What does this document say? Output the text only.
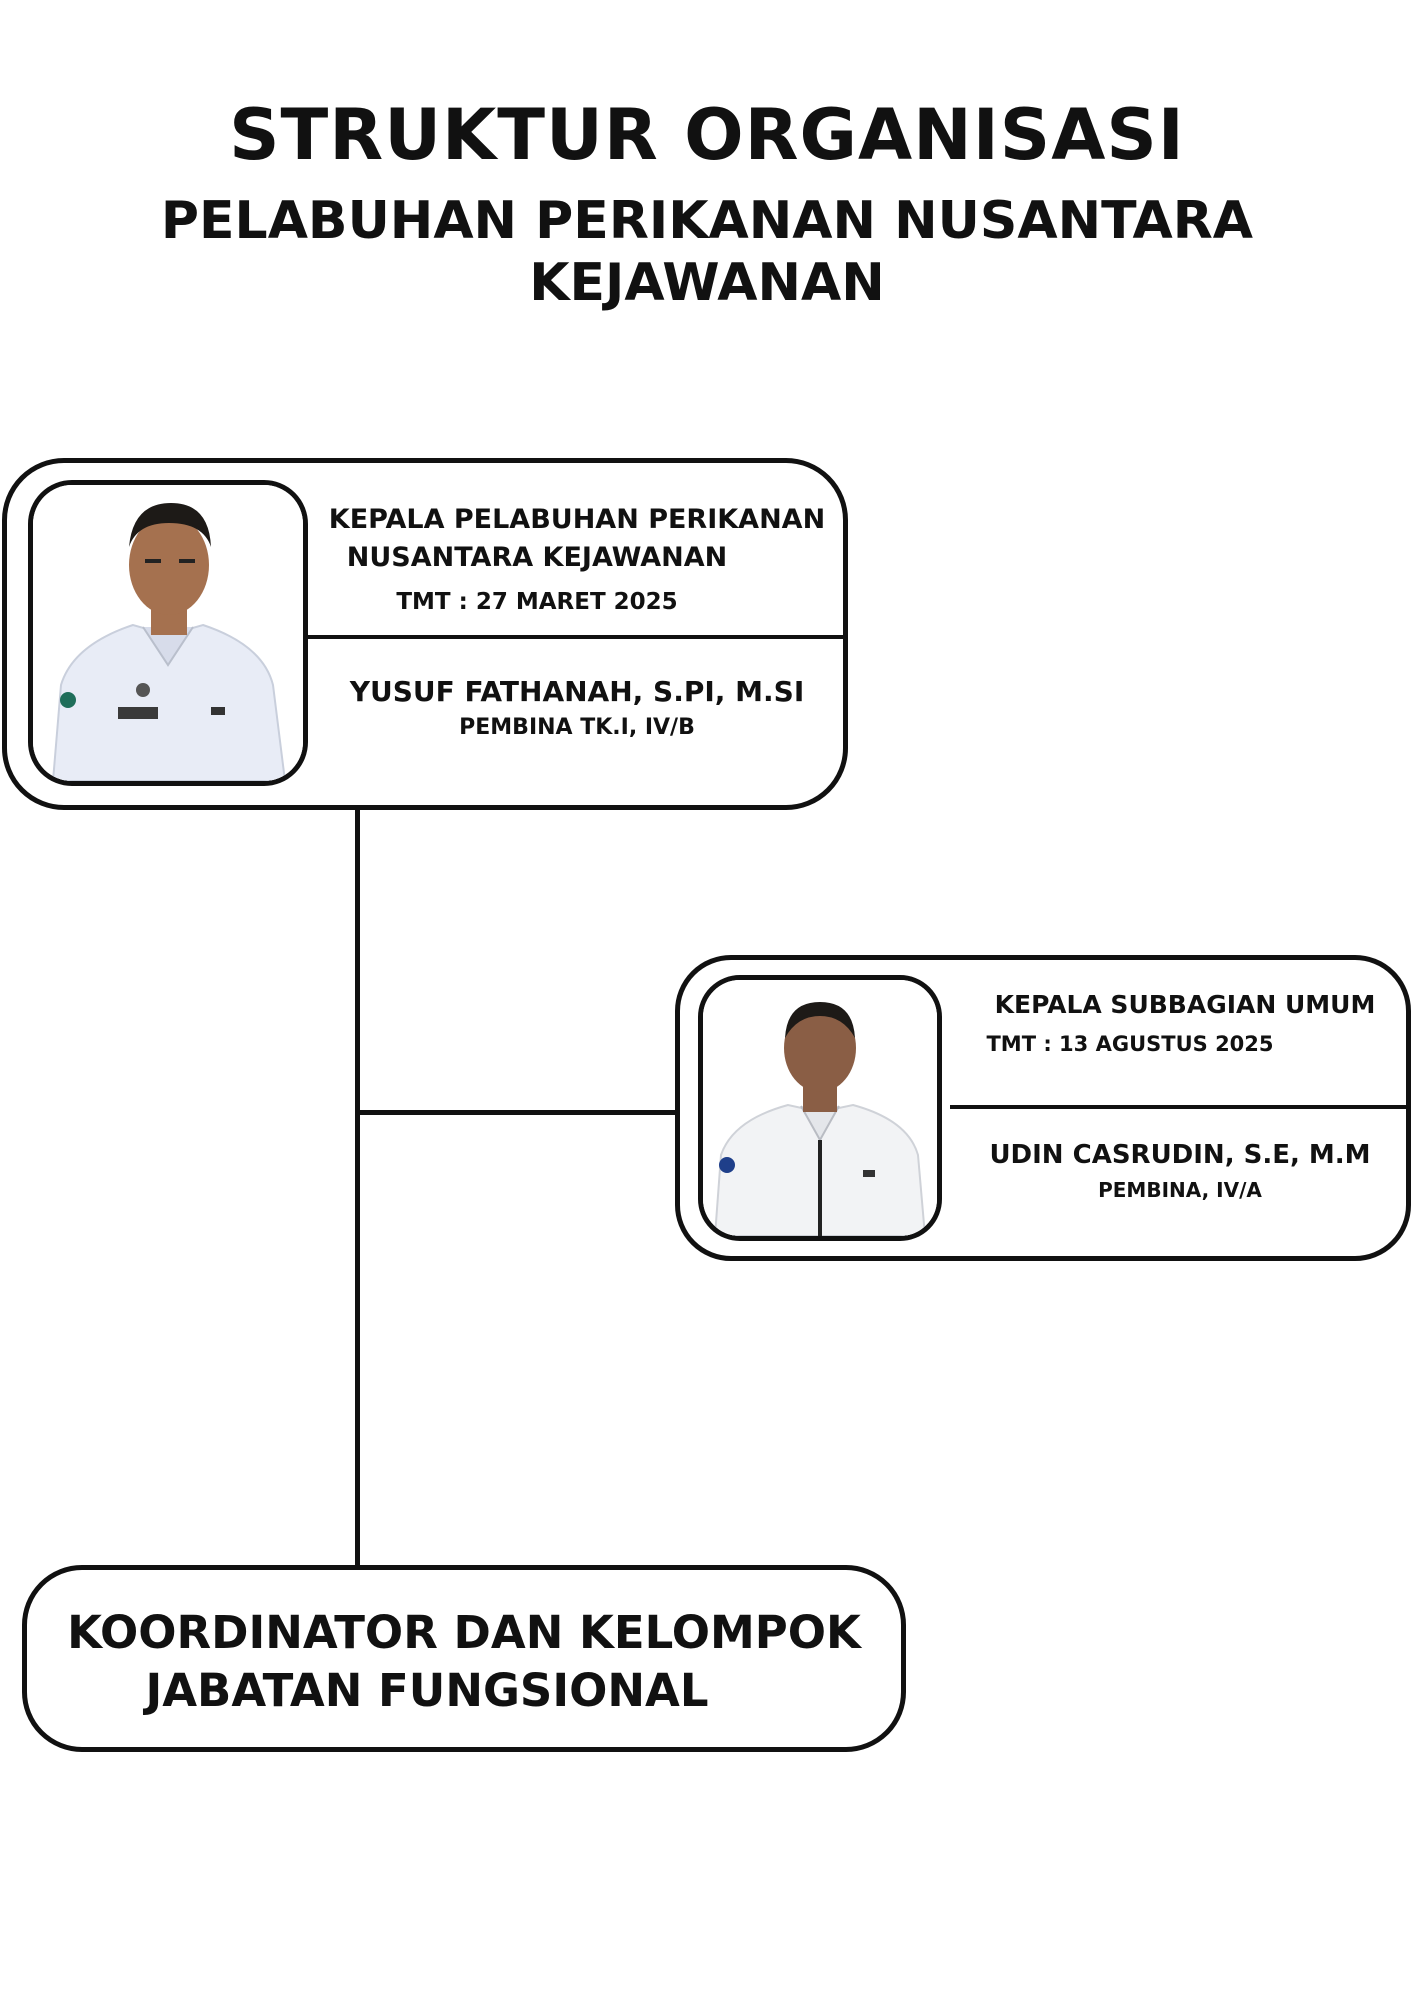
STRUKTUR ORGANISASI
PELABUHAN PERIKANAN NUSANTARA
KEJAWANAN
KEPALA PELABUHAN PERIKANAN
NUSANTARA KEJAWANAN
TMT : 27 MARET 2025
YUSUF FATHANAH, S.PI, M.SI
PEMBINA TK.I, IV/B
KEPALA SUBBAGIAN UMUM
TMT : 13 AGUSTUS 2025
UDIN CASRUDIN, S.E, M.M
PEMBINA, IV/A
KOORDINATOR DAN KELOMPOK
JABATAN FUNGSIONAL
